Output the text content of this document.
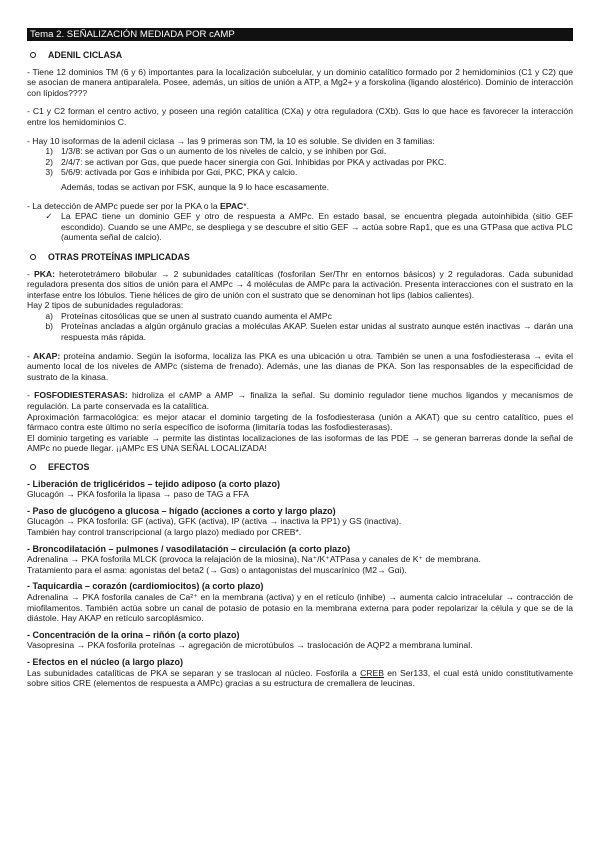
Tema 2. SEÑALIZACIÓN MEDIADA POR cAMP
ADENIL CICLASA

- Tiene 12 dominios TM (6 y 6) importantes para la localización subcelular, y un dominio catalítico formado por 2 hemidominios (C1 y C2) que se asocian de manera antiparalela. Posee, además, un sitios de unión a ATP, a Mg2+ y a forskolina (ligando alostérico). Dominio de interacción con lípidos????

- C1 y C2 forman el centro activo, y poseen una región catalítica (CXa) y otra reguladora (CXb). Gαs lo que hace es favorecer la interacción entre los hemidominios C.

- Hay 10 isoformas de la adenil ciclasa → las 9 primeras son TM, la 10 es soluble. Se dividen en 3 familias:

1) 1/3/8: se activan por Gαs o un aumento de los niveles de calcio, y se inhiben por Gαi.
2) 2/4/7: se activan por Gαs, que puede hacer sinergia con Gαi. Inhibidas por PKA y activadas por PKC.
3) 5/6/9: activada por Gαs e inhibida por Gαi, PKC, PKA y calcio.

Además, todas se activan por FSK, aunque la 9 lo hace escasamente.

- La detección de AMPc puede ser por la PKA o la EPAC*.

✓ La EPAC tiene un dominio GEF y otro de respuesta a AMPc. En estado basal, se encuentra plegada autoinhibida (sitio GEF escondido). Cuando se une AMPc, se despliega y se descubre el sitio GEF → actúa sobre Rap1, que es una GTPasa que activa PLC (aumenta señal de calcio).
OTRAS PROTEÍNAS IMPLICADAS

- PKA: heterotetrámero bilobular → 2 subunidades catalíticas (fosforilan Ser/Thr en entornos básicos) y 2 reguladoras. Cada subunidad reguladora presenta dos sitios de unión para el AMPc → 4 moléculas de AMPc para la activación. Presenta interacciones con el sustrato en la interfase entre los lóbulos. Tiene hélices de giro de unión con el sustrato que se denominan hot lips (labios calientes).

Hay 2 tipos de subunidades reguladoras:

a) Proteínas citosólicas que se unen al sustrato cuando aumenta el AMPc
b) Proteínas ancladas a algún orgánulo gracias a moléculas AKAP. Suelen estar unidas al sustrato aunque estén inactivas → darán una respuesta más rápida.

- AKAP: proteína andamio. Según la isoforma, localiza las PKA es una ubicación u otra. También se unen a una fosfodiesterasa → evita el aumento local de los niveles de AMPc (sistema de frenado). Además, une las dianas de PKA. Son las responsables de la especificidad de sustrato de la kinasa.

- FOSFODIESTERASAS: hidroliza el cAMP a AMP → finaliza la señal. Su dominio regulador tiene muchos ligandos y mecanismos de regulación. La parte conservada es la catalítica.

Aproximación farmacológica: es mejor atacar el dominio targeting de la fosfodiesterasa (unión a AKAT) que su centro catalítico, pues el fármaco contra este último no sería específico de isoforma (limitaría todas las fosfodiesterasas).

El dominio targeting es variable → permite las distintas localizaciones de las isoformas de las PDE → se generan barreras donde la señal de AMPc no puede llegar. ¡¡AMPc ES UNA SEÑAL LOCALIZADA!

EFECTOS
- Liberación de triglicéridos – tejido adiposo (a corto plazo)

Glucagón → PKA fosforila la lipasa → paso de TAG a FFA

- Paso de glucógeno a glucosa – hígado (acciones a corto y largo plazo)

Glucagón → PKA fosforila: GF (activa), GFK (activa), IP (activa → inactiva la PP1) y GS (inactiva).

También hay control transcripcional (a largo plazo) mediado por CREB*.

- Broncodilatación – pulmones / vasodilatación – circulación (a corto plazo)

Adrenalina → PKA fosforila MLCK (provoca la relajación de la miosina), Na⁺/K⁺ATPasa y canales de K⁺ de membrana.

Tratamiento para el asma: agonistas del beta2 (→ Gαs) o antagonistas del muscarínico (M2→ Gαi).

- Taquicardia – corazón (cardiomiocitos) (a corto plazo)

Adrenalina → PKA fosforila canales de Ca²⁺ en la membrana (activa) y en el retículo (inhibe) → aumenta calcio intracelular → contracción de miofilamentos. También actúa sobre un canal de potasio de potasio en la membrana externa para poder repolarizar la célula y que se de la diástole. Hay AKAP en retículo sarcoplásmico.

- Concentración de la orina – riñón (a corto plazo)

Vasopresina → PKA fosforila proteínas → agregación de microtúbulos → traslocación de AQP2 a membrana luminal.

- Efectos en el núcleo (a largo plazo)

Las subunidades catalíticas de PKA se separan y se traslocan al núcleo. Fosforila a CREB en Ser133, el cual está unido constitutivamente sobre sitios CRE (elementos de respuesta a AMPc) gracias a su estructura de cremallera de leucinas.
